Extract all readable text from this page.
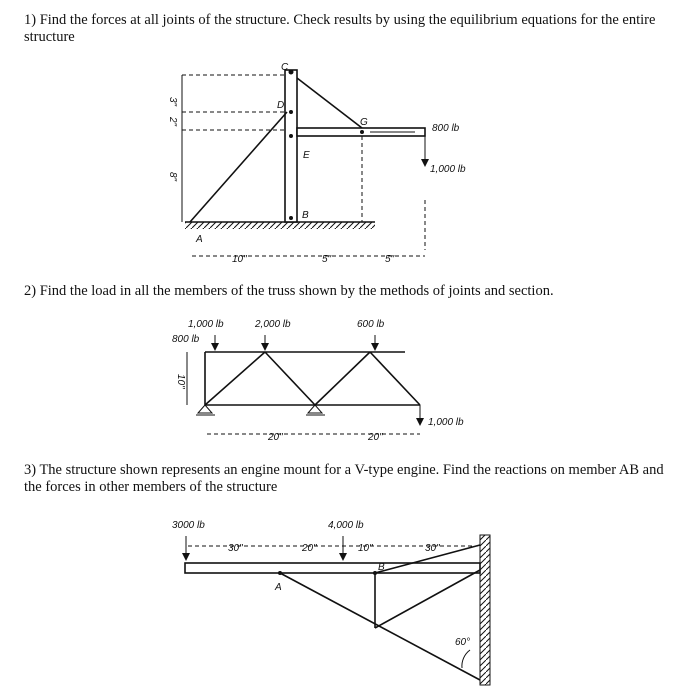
1) Find the forces at all joints of the structure. Check results by using the equilibrium equations for the entire structure
2) Find the load in all the members of the truss shown by the methods of joints and section.
3) The structure shown represents an engine mount for a V-type engine. Find the reactions on member AB and the forces in other members of the structure
C
D
E
G
B
A
800 lb
1,000 lb
3"
2"
8"
10"	5"	5"
1,000 lb	2,000 lb	600 lb
800 lb
1,000 lb
10"
20"	20"
3000 lb	4,000 lb
30"	20"	10"	30"
A
B
60°
